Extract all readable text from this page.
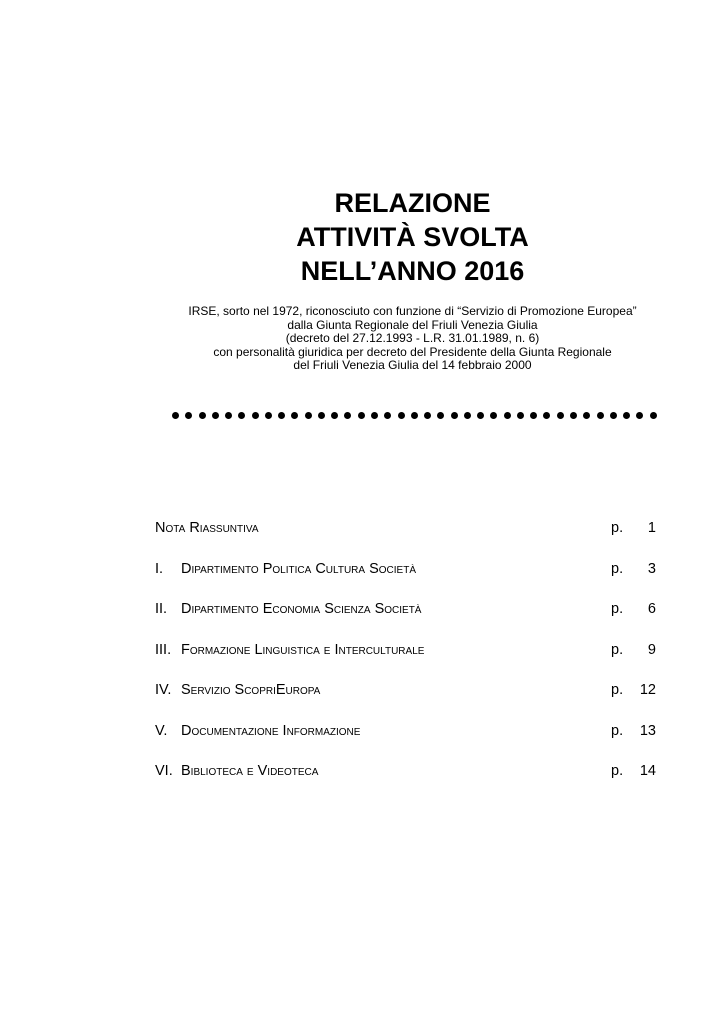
RELAZIONE
ATTIVITÀ SVOLTA
NELL’ANNO 2016
IRSE, sorto nel 1972, riconosciuto con funzione di “Servizio di Promozione Europea”
dalla Giunta Regionale del Friuli Venezia Giulia
(decreto del 27.12.1993 - L.R. 31.01.1989, n. 6)
con personalità giuridica per decreto del Presidente della Giunta Regionale
del Friuli Venezia Giulia del 14 febbraio 2000
Nota Riassuntiva	p. 1
I. Dipartimento Politica Cultura Società	p. 3
II. Dipartimento Economia Scienza Società	p. 6
III. Formazione Linguistica e Interculturale	p. 9
IV. Servizio ScopriEuropa	p. 12
V. Documentazione Informazione	p. 13
VI. Biblioteca e Videoteca	p. 14
